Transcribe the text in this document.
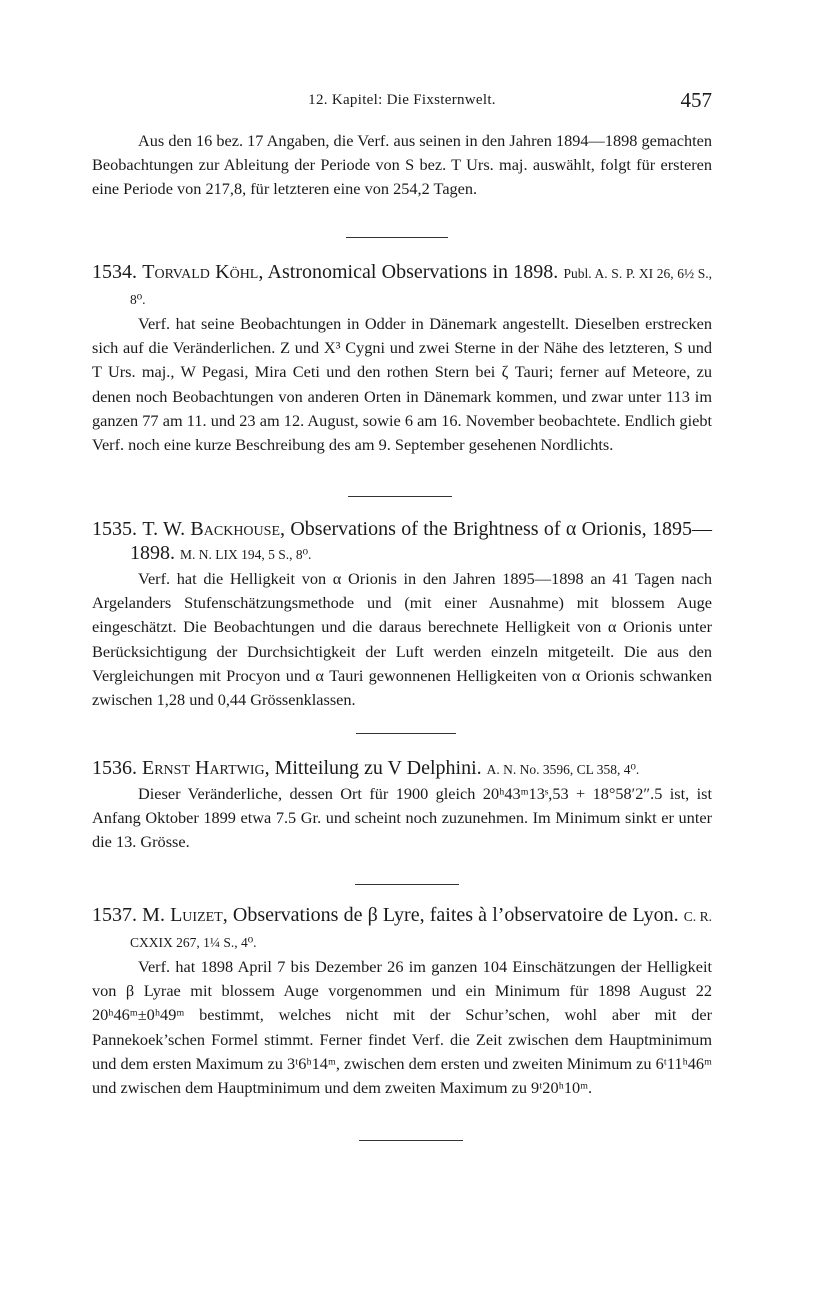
12. Kapitel: Die Fixsternwelt.	457

Aus den 16 bez. 17 Angaben, die Verf. aus seinen in den Jahren 1894—1898 gemachten Beobachtungen zur Ableitung der Periode von S bez. T Urs. maj. auswählt, folgt für ersteren eine Periode von 217,8, für letzteren eine von 254,2 Tagen.

1534. Torvald Köhl, Astronomical Observations in 1898. Publ. A. S. P. XI 26, 6½ S., 8⁰.

Verf. hat seine Beobachtungen in Odder in Dänemark angestellt. Dieselben erstrecken sich auf die Veränderlichen. Z und X³ Cygni und zwei Sterne in der Nähe des letzteren, S und T Urs. maj., W Pegasi, Mira Ceti und den rothen Stern bei ζ Tauri; ferner auf Meteore, zu denen noch Beobachtungen von anderen Orten in Dänemark kommen, und zwar unter 113 im ganzen 77 am 11. und 23 am 12. August, sowie 6 am 16. November beobachtete. Endlich giebt Verf. noch eine kurze Beschreibung des am 9. September gesehenen Nordlichts.

1535. T. W. Backhouse, Observations of the Brightness of α Orionis, 1895—1898. M. N. LIX 194, 5 S., 8⁰.

Verf. hat die Helligkeit von α Orionis in den Jahren 1895—1898 an 41 Tagen nach Argelanders Stufenschätzungsmethode und (mit einer Ausnahme) mit blossem Auge eingeschätzt. Die Beobachtungen und die daraus berechnete Helligkeit von α Orionis unter Berücksichtigung der Durchsichtigkeit der Luft werden einzeln mitgeteilt. Die aus den Vergleichungen mit Procyon und α Tauri gewonnenen Helligkeiten von α Orionis schwanken zwischen 1,28 und 0,44 Grössenklassen.

1536. Ernst Hartwig, Mitteilung zu V Delphini. A. N. No. 3596, CL 358, 4⁰.

Dieser Veränderliche, dessen Ort für 1900 gleich 20ʰ43ᵐ13ˢ,53 + 18°58′2″.5 ist, ist Anfang Oktober 1899 etwa 7.5 Gr. und scheint noch zuzunehmen. Im Minimum sinkt er unter die 13. Grösse.

1537. M. Luizet, Observations de β Lyre, faites à l’observatoire de Lyon. C. R. CXXIX 267, 1¼ S., 4⁰.

Verf. hat 1898 April 7 bis Dezember 26 im ganzen 104 Einschätzungen der Helligkeit von β Lyrae mit blossem Auge vorgenommen und ein Minimum für 1898 August 22 20ʰ46ᵐ±0ʰ49ᵐ bestimmt, welches nicht mit der Schur’schen, wohl aber mit der Pannekoek’schen Formel stimmt. Ferner findet Verf. die Zeit zwischen dem Hauptminimum und dem ersten Maximum zu 3ᵗ6ʰ14ᵐ, zwischen dem ersten und zweiten Minimum zu 6ᵗ11ʰ46ᵐ und zwischen dem Hauptminimum und dem zweiten Maximum zu 9ᵗ20ʰ10ᵐ.
